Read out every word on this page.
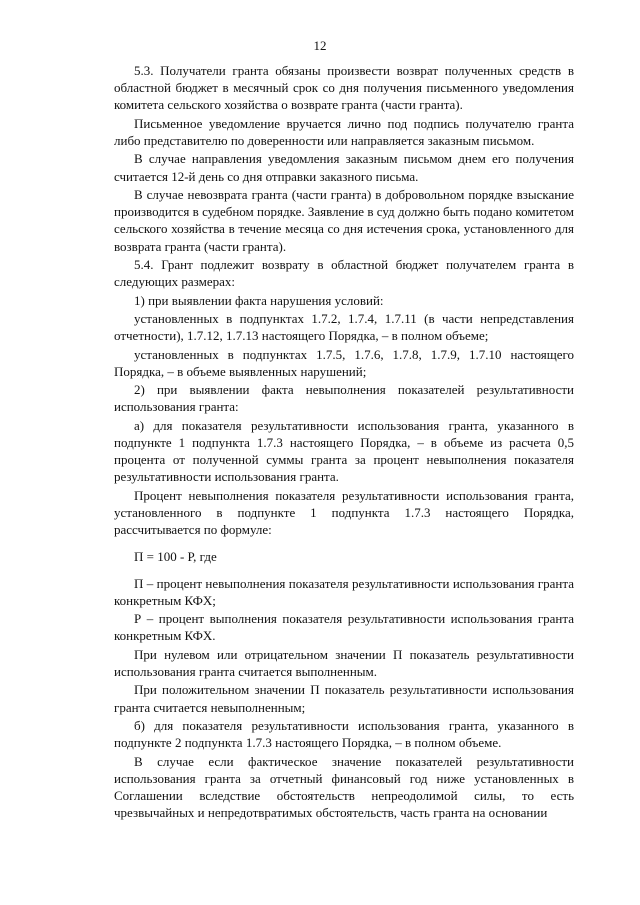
12

5.3. Получатели гранта обязаны произвести возврат полученных средств в областной бюджет в месячный срок со дня получения письменного уведомления комитета сельского хозяйства о возврате гранта (части гранта).

Письменное уведомление вручается лично под подпись получателю гранта либо представителю по доверенности или направляется заказным письмом.

В случае направления уведомления заказным письмом днем его получения считается 12-й день со дня отправки заказного письма.

В случае невозврата гранта (части гранта) в добровольном порядке взыскание производится в судебном порядке. Заявление в суд должно быть подано комитетом сельского хозяйства в течение месяца со дня истечения срока, установленного для возврата гранта (части гранта).

5.4. Грант подлежит возврату в областной бюджет получателем гранта в следующих размерах:

1) при выявлении факта нарушения условий:

установленных в подпунктах 1.7.2, 1.7.4, 1.7.11 (в части непредставления отчетности), 1.7.12, 1.7.13 настоящего Порядка, – в полном объеме;

установленных в подпунктах 1.7.5, 1.7.6, 1.7.8, 1.7.9, 1.7.10 настоящего Порядка, – в объеме выявленных нарушений;

2) при выявлении факта невыполнения показателей результативности использования гранта:

а) для показателя результативности использования гранта, указанного в подпункте 1 подпункта 1.7.3 настоящего Порядка, – в объеме из расчета 0,5 процента от полученной суммы гранта за процент невыполнения показателя результативности использования гранта.

Процент невыполнения показателя результативности использования гранта, установленного в подпункте 1 подпункта 1.7.3 настоящего Порядка, рассчитывается по формуле:

П = 100 - Р, где

П – процент невыполнения показателя результативности использования гранта конкретным КФХ;

Р – процент выполнения показателя результативности использования гранта конкретным КФХ.

При нулевом или отрицательном значении П показатель результативности использования гранта считается выполненным.

При положительном значении П показатель результативности использования гранта считается невыполненным;

б) для показателя результативности использования гранта, указанного в подпункте 2 подпункта 1.7.3 настоящего Порядка, – в полном объеме.

В случае если фактическое значение показателей результативности использования гранта за отчетный финансовый год ниже установленных в Соглашении вследствие обстоятельств непреодолимой силы, то есть чрезвычайных и непредотвратимых обстоятельств, часть гранта на основании
